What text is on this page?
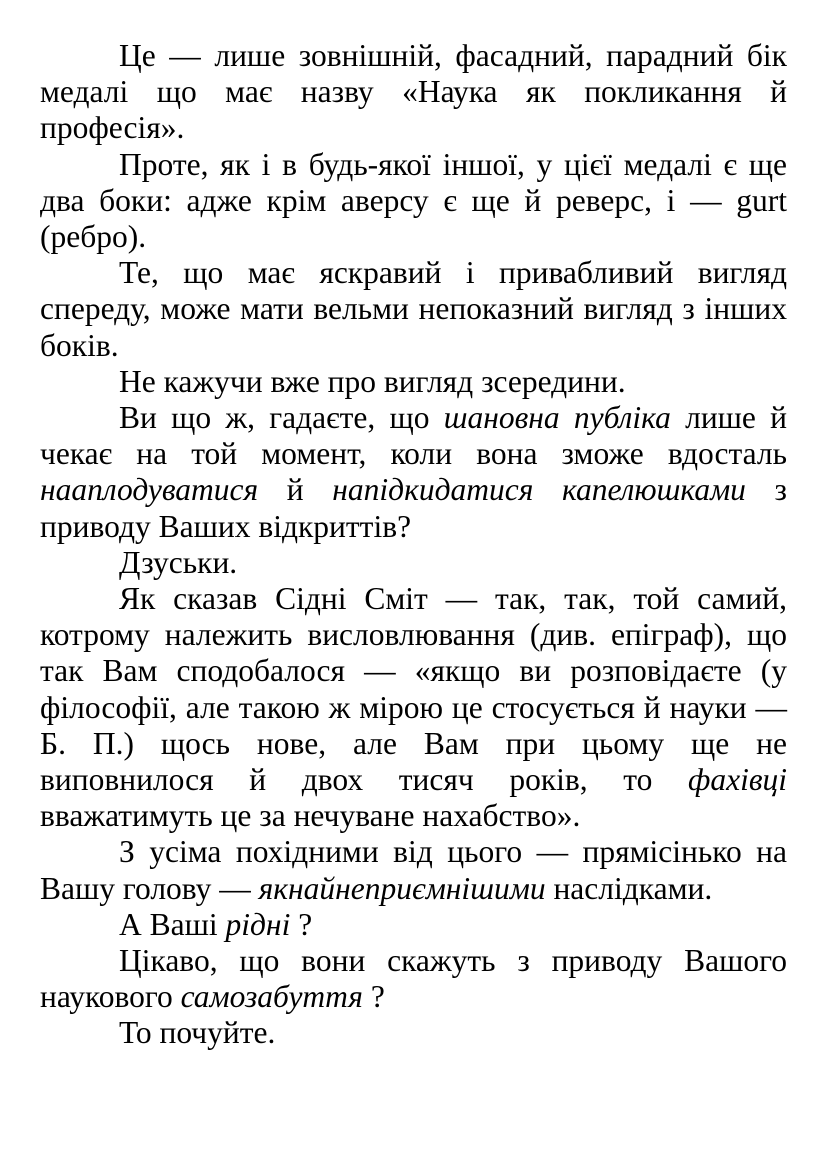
Це — лише зовнішній, фасадний, парадний бік медалі що має назву «Наука як покликання й професія».

Проте, як і в будь-якої іншої, у цієї медалі є ще два боки: адже крім аверсу є ще й реверс, і — gurt (ребро).

Те, що має яскравий і привабливий вигляд спереду, може мати вельми непоказний вигляд з інших боків.

Не кажучи вже про вигляд зсередини.

Ви що ж, гадаєте, що шановна публіка лише й чекає на той момент, коли вона зможе вдосталь нааплодуватися й напідкидатися капелюшками з приводу Ваших відкриттів?

Дзуськи.

Як сказав Сідні Сміт — так, так, той самий, котрому належить висловлювання (див. епіграф), що так Вам сподобалося — «якщо ви розповідаєте (у філософії, але такою ж мірою це стосується й науки — Б. П.) щось нове, але Вам при цьому ще не виповнилося й двох тисяч років, то фахівці вважатимуть це за нечуване нахабство».

З усіма похідними від цього — прямісінько на Вашу голову — якнайнеприємнішими наслідками.

А Ваші рідні ?

Цікаво, що вони скажуть з приводу Вашого наукового самозабуття ?

То почуйте.
